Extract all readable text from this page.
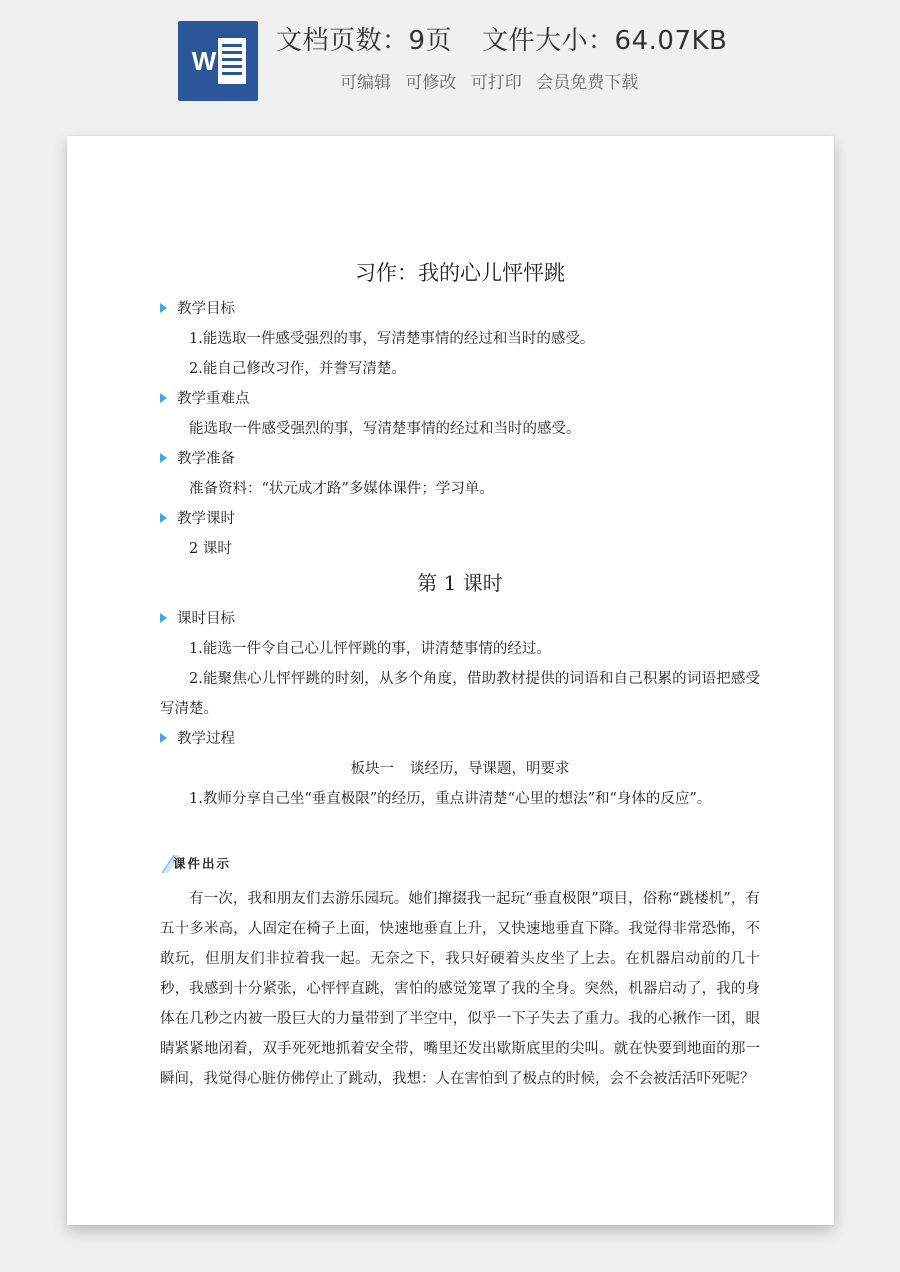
W
文档页数：9页 文件大小：64.07KB
可编辑 可修改 可打印 会员免费下载
习作：我的心儿怦怦跳
教学目标
1.能选取一件感受强烈的事，写清楚事情的经过和当时的感受。
2.能自己修改习作，并誊写清楚。
教学重难点
能选取一件感受强烈的事，写清楚事情的经过和当时的感受。
教学准备
准备资料：“状元成才路”多媒体课件；学习单。
教学课时
2 课时
第 1 课时
课时目标
1.能选一件令自己心儿怦怦跳的事，讲清楚事情的经过。
2.能聚焦心儿怦怦跳的时刻，从多个角度，借助教材提供的词语和自己积累的词语把感受写清楚。
教学过程
板块一 谈经历，导课题，明要求
1.教师分享自己坐“垂直极限”的经历，重点讲清楚“心里的想法”和“身体的反应”。
课件出示
有一次，我和朋友们去游乐园玩。她们撺掇我一起玩“垂直极限”项目，俗称“跳楼机”，有五十多米高，人固定在椅子上面，快速地垂直上升，又快速地垂直下降。我觉得非常恐怖，不敢玩，但朋友们非拉着我一起。无奈之下，我只好硬着头皮坐了上去。在机器启动前的几十秒，我感到十分紧张，心怦怦直跳，害怕的感觉笼罩了我的全身。突然，机器启动了，我的身体在几秒之内被一股巨大的力量带到了半空中，似乎一下子失去了重力。我的心揪作一团，眼睛紧紧地闭着，双手死死地抓着安全带，嘴里还发出歇斯底里的尖叫。就在快要到地面的那一瞬间，我觉得心脏仿佛停止了跳动，我想：人在害怕到了极点的时候，会不会被活活吓死呢？
